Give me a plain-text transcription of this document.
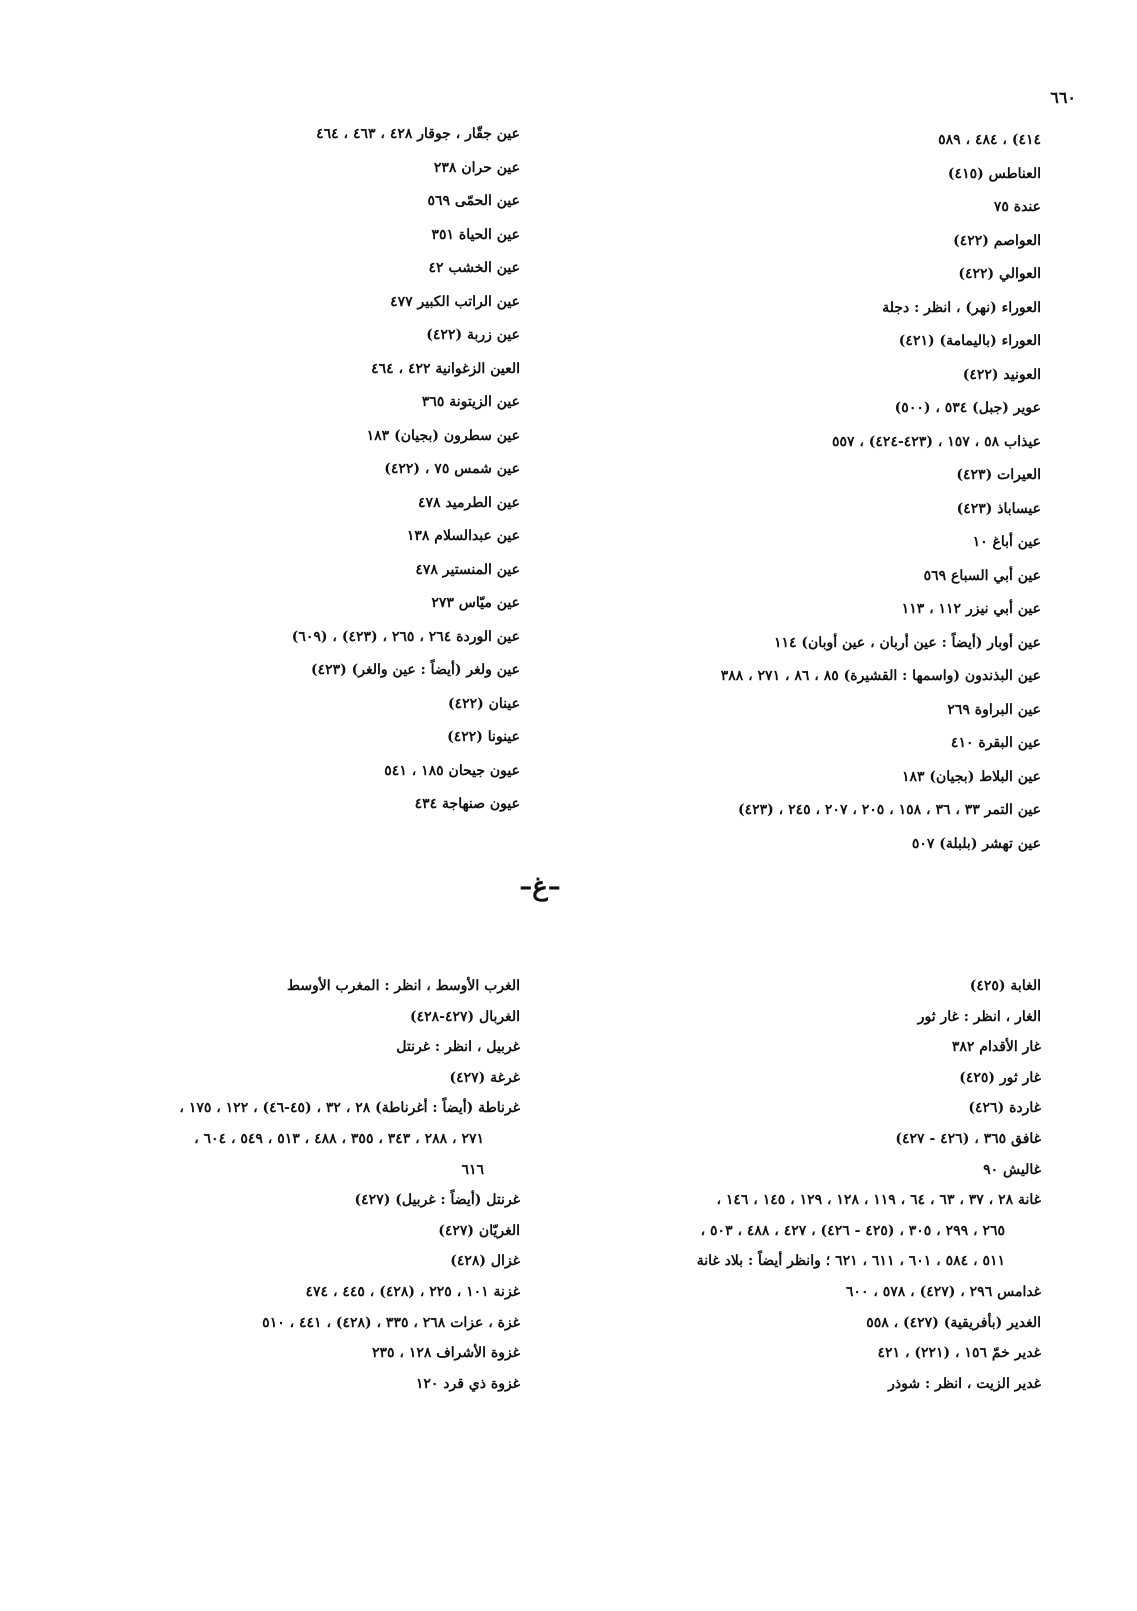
٦٦٠
٤١٤) ، ٤٨٤ ، ٥٨٩
العناطس (٤١٥)
عندة ٧٥
العواصم (٤٢٢)
العوالي (٤٢٢)
العوراء (نهر) ، انظر : دجلة
العوراء (باليمامة) (٤٢١)
العونيد (٤٢٢)
عوير (جبل) ٥٣٤ ، (٥٠٠)
عيذاب ٥٨ ، ١٥٧ ، (٤٢٣-٤٢٤) ، ٥٥٧
العيرات (٤٢٣)
عيساباذ (٤٢٣)
عين أباغ ١٠
عين أبي السباع ٥٦٩
عين أبي نيزر ١١٢ ، ١١٣
عين أوبار (أيضاً : عين أربان ، عين أوبان) ١١٤
عين البذندون (واسمها : القشيرة) ٨٥ ، ٨٦ ، ٢٧١ ، ٣٨٨
عين البراوة ٢٦٩
عين البقرة ٤١٠
عين البلاط (بجيان) ١٨٣
عين التمر ٣٣ ، ٣٦ ، ١٥٨ ، ٢٠٥ ، ٢٠٧ ، ٢٤٥ ، (٤٢٣)
عين تهشر (بلبلة) ٥٠٧
عين جقّار ، جوقار ٤٢٨ ، ٤٦٣ ، ٤٦٤
عين حران ٢٣٨
عين الحمّى ٥٦٩
عين الحياة ٣٥١
عين الخشب ٤٢
عين الراتب الكبير ٤٧٧
عين زربة (٤٢٢)
العين الزغوانية ٤٢٢ ، ٤٦٤
عين الزيتونة ٣٦٥
عين سطرون (بجيان) ١٨٣
عين شمس ٧٥ ، (٤٢٢)
عين الطرميد ٤٧٨
عين عبدالسلام ١٣٨
عين المنستير ٤٧٨
عين ميّاس ٢٧٣
عين الوردة ٢٦٤ ، ٢٦٥ ، (٤٢٣) ، (٦٠٩)
عين ولغر (أيضاً : عين والغر) (٤٢٣)
عينان (٤٢٢)
عينونا (٤٢٢)
عيون جيحان ١٨٥ ، ٥٤١
عيون صنهاجة ٤٣٤
–غ–
الغابة (٤٢٥)
الغار ، انظر : غار ثور
غار الأقدام ٣٨٢
غار ثور (٤٢٥)
غاردة (٤٢٦)
غافق ٣٦٥ ، (٤٢٦ - ٤٢٧)
غاليش ٩٠
غانة ٢٨ ، ٣٧ ، ٦٣ ، ٦٤ ، ١١٩ ، ١٢٨ ، ١٢٩ ، ١٤٥ ، ١٤٦ ،
٢٦٥ ، ٢٩٩ ، ٣٠٥ ، (٤٢٥ - ٤٢٦) ، ٤٢٧ ، ٤٨٨ ، ٥٠٣ ،
٥١١ ، ٥٨٤ ، ٦٠١ ، ٦١١ ، ٦٢١ ؛ وانظر أيضاً : بلاد غانة
غدامس ٢٩٦ ، (٤٢٧) ، ٥٧٨ ، ٦٠٠
الغدير (بأفريقية) (٤٢٧) ، ٥٥٨
غدير خمّ ١٥٦ ، (٢٢١) ، ٤٢١
غدير الزيت ، انظر : شوذر
الغرب الأوسط ، انظر : المغرب الأوسط
الغربال (٤٢٧-٤٢٨)
غربيل ، انظر : غرنتل
غرغة (٤٢٧)
غرناطة (أيضاً : أغرناطة) ٢٨ ، ٣٢ ، (٤٥-٤٦) ، ١٢٢ ، ١٧٥ ،
٢٧١ ، ٢٨٨ ، ٣٤٣ ، ٣٥٥ ، ٤٨٨ ، ٥١٣ ، ٥٤٩ ، ٦٠٤ ،
٦١٦
غرنتل (أيضاً : غربيل) (٤٢٧)
الغريّان (٤٢٧)
غزال (٤٢٨)
غزنة ١٠١ ، ٢٢٥ ، (٤٢٨) ، ٤٤٥ ، ٤٧٤
غزة ، عزات ٢٦٨ ، ٣٣٥ ، (٤٢٨) ، ٤٤١ ، ٥١٠
غزوة الأشراف ١٢٨ ، ٢٣٥
غزوة ذي قرد ١٢٠
